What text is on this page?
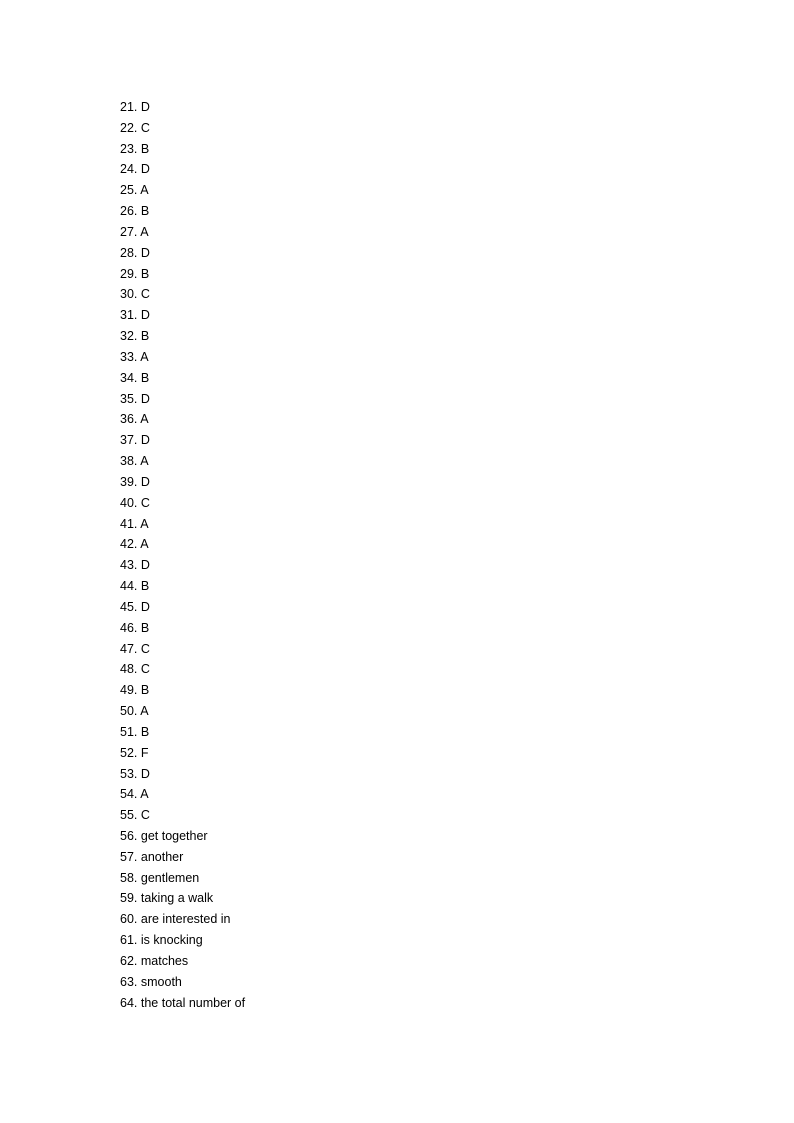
21. D
22. C
23. B
24. D
25. A
26. B
27. A
28. D
29. B
30. C
31. D
32. B
33. A
34. B
35. D
36. A
37. D
38. A
39. D
40. C
41. A
42. A
43. D
44. B
45. D
46. B
47. C
48. C
49. B
50. A
51. B
52. F
53. D
54. A
55. C
56. get together
57. another
58. gentlemen
59. taking a walk
60. are interested in
61. is knocking
62. matches
63. smooth
64. the total number of
